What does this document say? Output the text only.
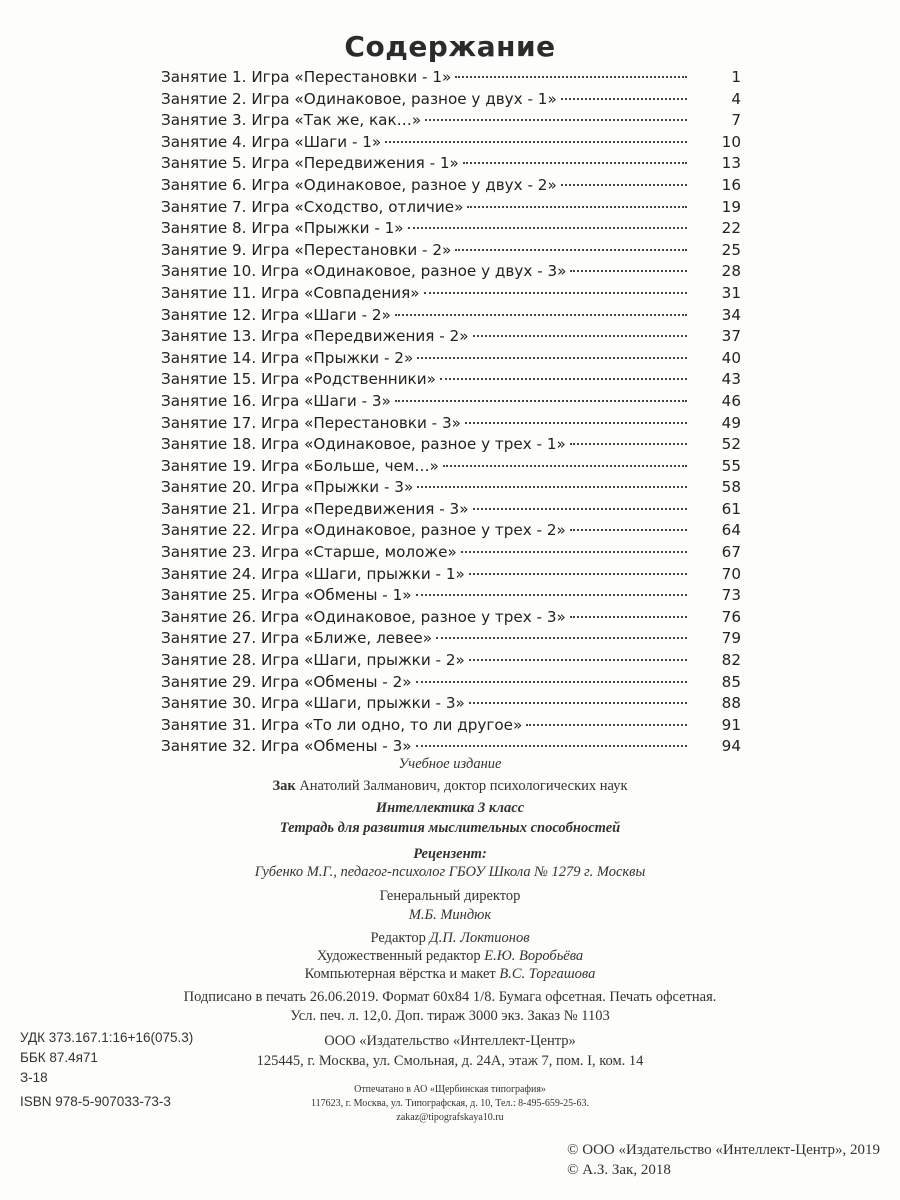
Содержание
Занятие 1. Игра «Перестановки - 1»	1
Занятие 2. Игра «Одинаковое, разное у двух - 1»	4
Занятие 3. Игра «Так же, как…»	7
Занятие 4. Игра «Шаги - 1»	10
Занятие 5. Игра «Передвижения - 1»	13
Занятие 6. Игра «Одинаковое, разное у двух - 2»	16
Занятие 7. Игра «Сходство, отличие»	19
Занятие 8. Игра «Прыжки - 1»	22
Занятие 9. Игра «Перестановки - 2»	25
Занятие 10. Игра «Одинаковое, разное у двух - 3»	28
Занятие 11. Игра «Совпадения»	31
Занятие 12. Игра «Шаги - 2»	34
Занятие 13. Игра «Передвижения - 2»	37
Занятие 14. Игра «Прыжки - 2»	40
Занятие 15. Игра «Родственники»	43
Занятие 16. Игра «Шаги - 3»	46
Занятие 17. Игра «Перестановки - 3»	49
Занятие 18. Игра «Одинаковое, разное у трех - 1»	52
Занятие 19. Игра «Больше, чем…»	55
Занятие 20. Игра «Прыжки - 3»	58
Занятие 21. Игра «Передвижения - 3»	61
Занятие 22. Игра «Одинаковое, разное у трех - 2»	64
Занятие 23. Игра «Старше, моложе»	67
Занятие 24. Игра «Шаги, прыжки - 1»	70
Занятие 25. Игра «Обмены - 1»	73
Занятие 26. Игра «Одинаковое, разное у трех - 3»	76
Занятие 27. Игра «Ближе, левее»	79
Занятие 28. Игра «Шаги, прыжки - 2»	82
Занятие 29. Игра «Обмены - 2»	85
Занятие 30. Игра «Шаги, прыжки - 3»	88
Занятие 31. Игра «То ли одно, то ли другое»	91
Занятие 32. Игра «Обмены - 3»	94
Учебное издание
Зак Анатолий Залманович, доктор психологических наук
Интеллектика 3 класс
Тетрадь для развития мыслительных способностей
Рецензент:
Губенко М.Г., педагог-психолог ГБОУ Школа № 1279 г. Москвы
Генеральный директор
М.Б. Миндюк
Редактор Д.П. Локтионов
Художественный редактор Е.Ю. Воробьёва
Компьютерная вёрстка и макет В.С. Торгашова
Подписано в печать 26.06.2019. Формат 60х84 1/8. Бумага офсетная. Печать офсетная.
Усл. печ. л. 12,0. Доп. тираж 3000 экз. Заказ № 1103
ООО «Издательство «Интеллект-Центр»
125445, г. Москва, ул. Смольная, д. 24А, этаж 7, пом. I, ком. 14
Отпечатано в АО «Щербинская типография»
117623, г. Москва, ул. Типографская, д. 10, Тел.: 8-495-659-25-63.
zakaz@tipografskaya10.ru
УДК 373.167.1:16+16(075.3)
ББК 87.4я71
З-18
ISBN 978-5-907033-73-3
© ООО «Издательство «Интеллект-Центр», 2019
© А.З. Зак, 2018
